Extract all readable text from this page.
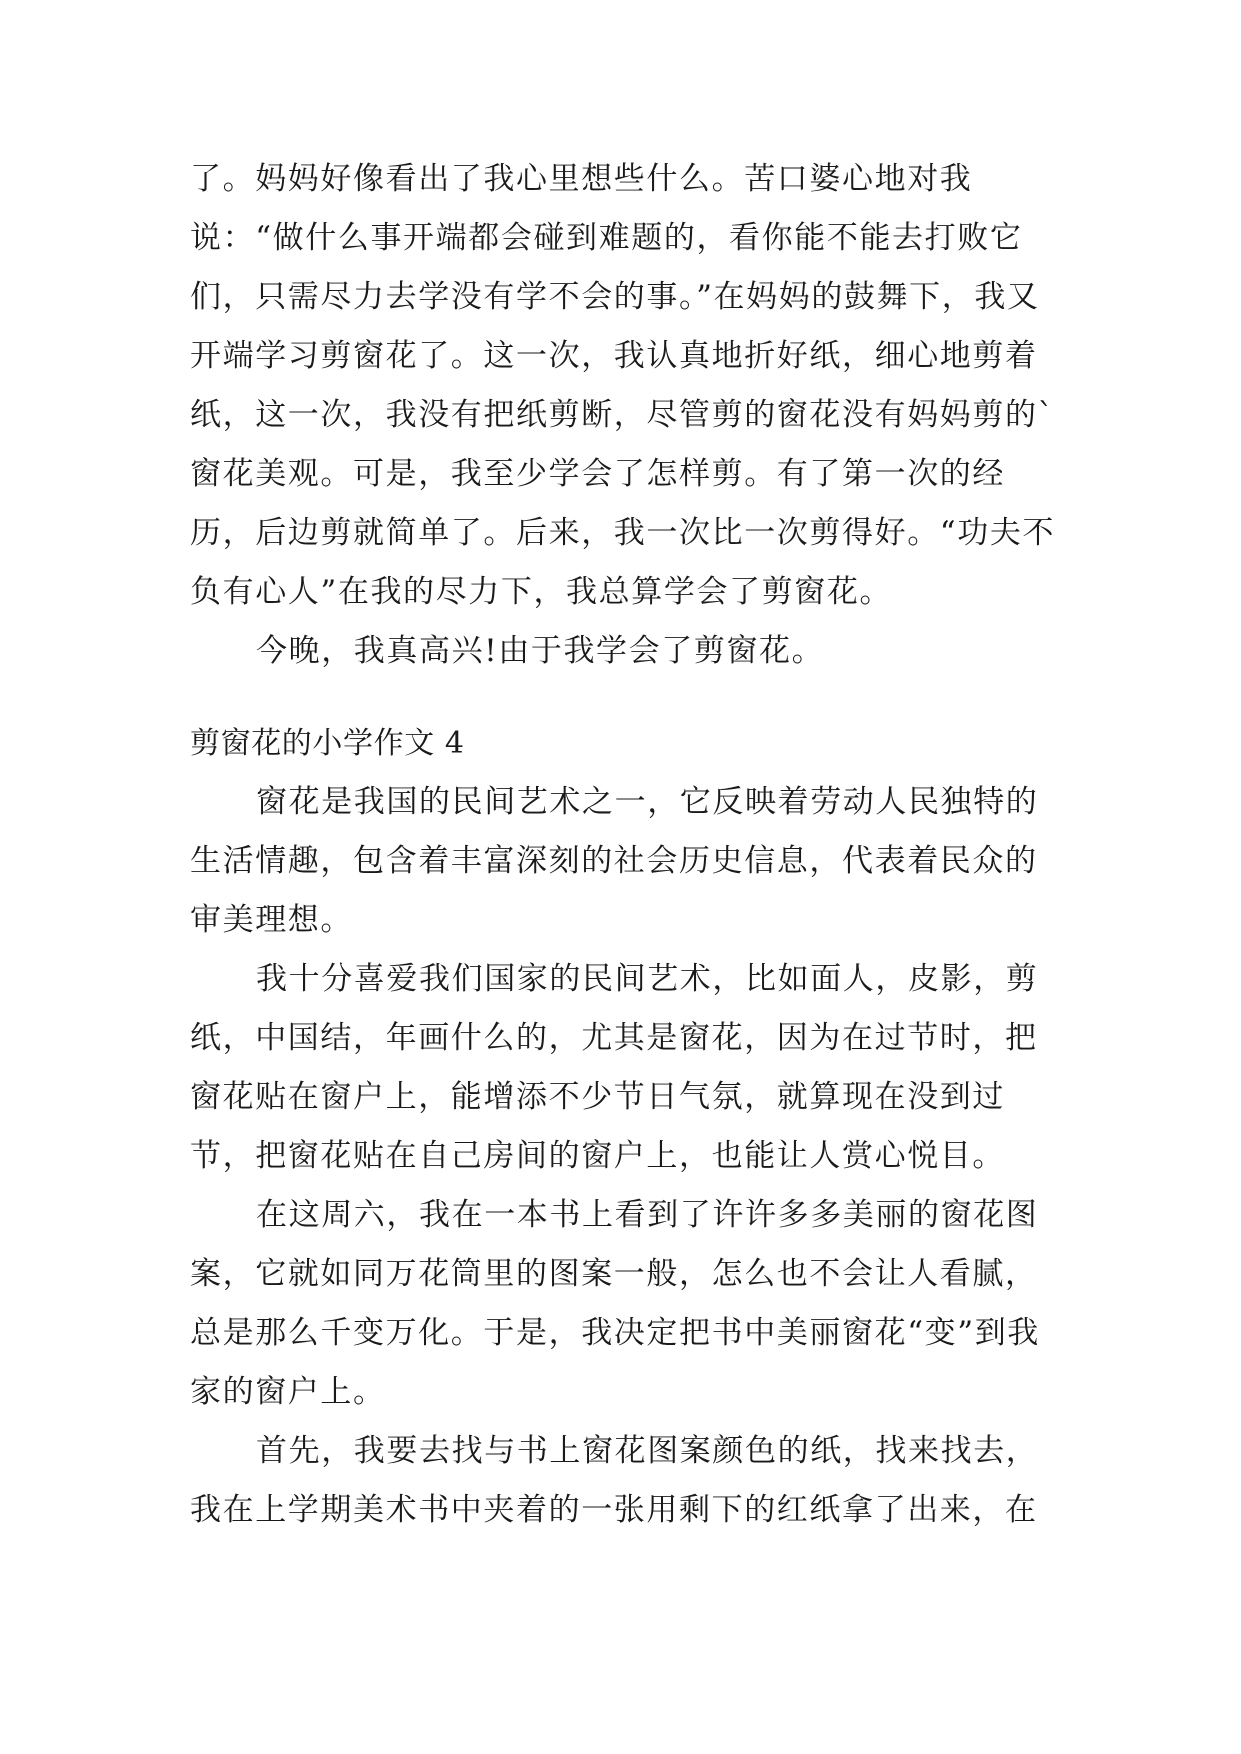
了。妈妈好像看出了我心里想些什么。苦口婆心地对我说：“做什么事开端都会碰到难题的，看你能不能去打败它们，只需尽力去学没有学不会的事。”在妈妈的鼓舞下，我又开端学习剪窗花了。这一次，我认真地折好纸，细心地剪着纸，这一次，我没有把纸剪断，尽管剪的窗花没有妈妈剪的`窗花美观。可是，我至少学会了怎样剪。有了第一次的经历，后边剪就简单了。后来，我一次比一次剪得好。“功夫不负有心人”在我的尽力下，我总算学会了剪窗花。

今晚，我真高兴!由于我学会了剪窗花。

剪窗花的小学作文 4

窗花是我国的民间艺术之一，它反映着劳动人民独特的生活情趣，包含着丰富深刻的社会历史信息，代表着民众的审美理想。

我十分喜爱我们国家的民间艺术，比如面人，皮影，剪纸，中国结，年画什么的，尤其是窗花，因为在过节时，把窗花贴在窗户上，能增添不少节日气氛，就算现在没到过节，把窗花贴在自己房间的窗户上，也能让人赏心悦目。

在这周六，我在一本书上看到了许许多多美丽的窗花图案，它就如同万花筒里的图案一般，怎么也不会让人看腻，总是那么千变万化。于是，我决定把书中美丽窗花“变”到我家的窗户上。

首先，我要去找与书上窗花图案颜色的纸，找来找去，我在上学期美术书中夹着的一张用剩下的红纸拿了出来，在
